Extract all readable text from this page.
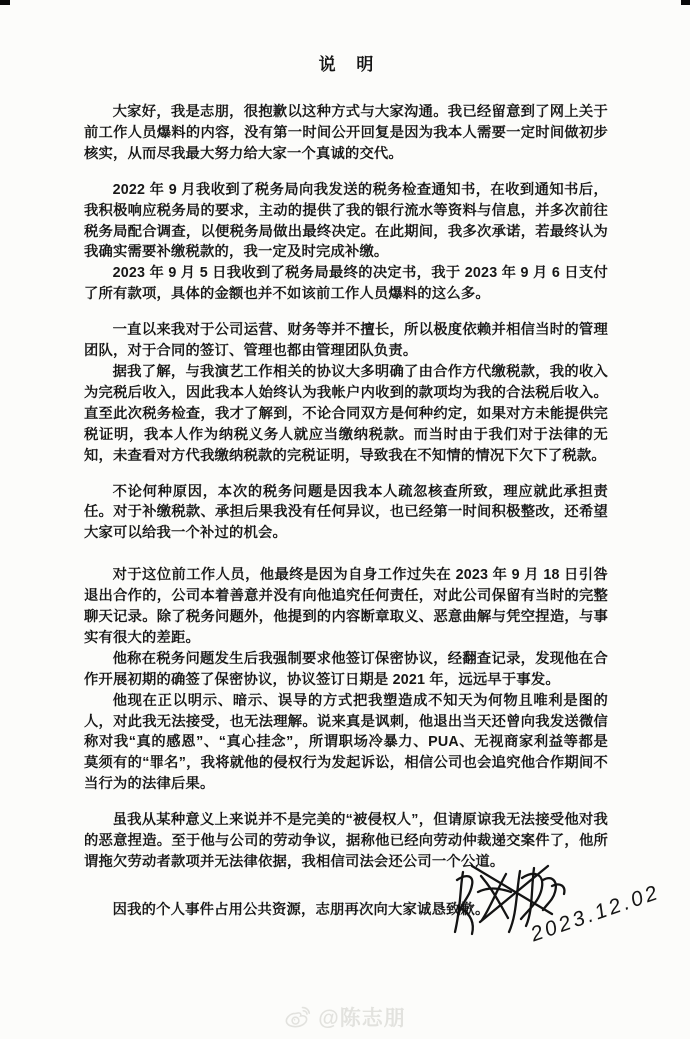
说 明

大家好，我是志朋，很抱歉以这种方式与大家沟通。我已经留意到了网上关于前工作人员爆料的内容，没有第一时间公开回复是因为我本人需要一定时间做初步核实，从而尽我最大努力给大家一个真诚的交代。

2022 年 9 月我收到了税务局向我发送的税务检查通知书，在收到通知书后，我积极响应税务局的要求，主动的提供了我的银行流水等资料与信息，并多次前往税务局配合调查，以便税务局做出最终决定。在此期间，我多次承诺，若最终认为我确实需要补缴税款的，我一定及时完成补缴。

2023 年 9 月 5 日我收到了税务局最终的决定书，我于 2023 年 9 月 6 日支付了所有款项，具体的金额也并不如该前工作人员爆料的这么多。

一直以来我对于公司运营、财务等并不擅长，所以极度依赖并相信当时的管理团队，对于合同的签订、管理也都由管理团队负责。

据我了解，与我演艺工作相关的协议大多明确了由合作方代缴税款，我的收入为完税后收入，因此我本人始终认为我帐户内收到的款项均为我的合法税后收入。直至此次税务检查，我才了解到，不论合同双方是何种约定，如果对方未能提供完税证明，我本人作为纳税义务人就应当缴纳税款。而当时由于我们对于法律的无知，未查看对方代我缴纳税款的完税证明，导致我在不知情的情况下欠下了税款。

不论何种原因，本次的税务问题是因我本人疏忽核查所致，理应就此承担责任。对于补缴税款、承担后果我没有任何异议，也已经第一时间积极整改，还希望大家可以给我一个补过的机会。

对于这位前工作人员，他最终是因为自身工作过失在 2023 年 9 月 18 日引咎退出合作的，公司本着善意并没有向他追究任何责任，对此公司保留有当时的完整聊天记录。除了税务问题外，他提到的内容断章取义、恶意曲解与凭空捏造，与事实有很大的差距。

他称在税务问题发生后我强制要求他签订保密协议，经翻查记录，发现他在合作开展初期的确签了保密协议，协议签订日期是 2021 年，远远早于事发。

他现在正以明示、暗示、误导的方式把我塑造成不知天为何物且唯利是图的人，对此我无法接受，也无法理解。说来真是讽刺，他退出当天还曾向我发送微信称对我“真的感恩”、“真心挂念”，所谓职场冷暴力、PUA、无视商家利益等都是莫须有的“罪名”，我将就他的侵权行为发起诉讼，相信公司也会追究他合作期间不当行为的法律后果。

虽我从某种意义上来说并不是完美的“被侵权人”，但请原谅我无法接受他对我的恶意捏造。至于他与公司的劳动争议，据称他已经向劳动仲裁递交案件了，他所谓拖欠劳动者款项并无法律依据，我相信司法会还公司一个公道。

因我的个人事件占用公共资源，志朋再次向大家诚恳致歉。	2023.12.02
@陈志朋
